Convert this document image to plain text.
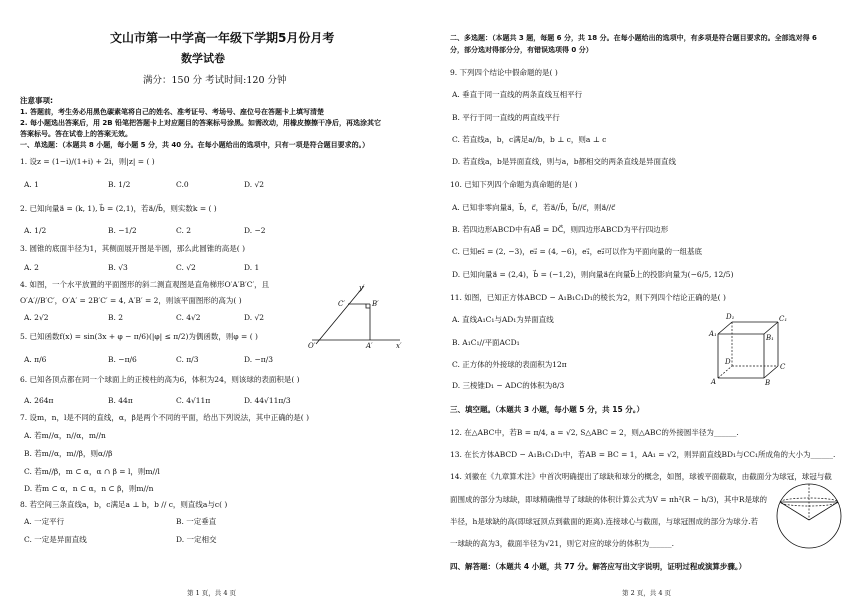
文山市第一中学高一年级下学期5月份月考
数学试卷
满分：150 分 考试时间:120 分钟
注意事项:
1. 答题前，考生务必用黑色碳素笔将自己的姓名、准考证号、考场号、座位号在答题卡上填写清楚
2. 每小题选出答案后，用 2B 铅笔把答题卡上对应题目的答案标号涂黑。如需改动，用橡皮擦擦干净后，再选涂其它
答案标号。答在试卷上的答案无效。
一、单选题：（本题共 8 小题，每小题 5 分，共 40 分。在每小题给出的选项中，只有一项是符合题目要求的。）
1. 设z = (1−i)/(1+i) + 2i，则|z| = ( )
A. 1	B. 1/2	C.0	D. √2
2. 已知向量a⃗ = (k, 1), b⃗ = (2,1)，若a⃗//b⃗，则实数k = ( )
A. 1/2	B. −1/2	C. 2	D. −2
3. 圆锥的底面半径为1，其侧面展开图是半圆，那么此圆锥的高是( )
A. 2	B. √3	C. √2	D. 1
4. 如图，一个水平放置的平面图形的斜二测直观图是直角梯形O′A′B′C′，且
O′A′//B′C′，O′A′ = 2B′C′ = 4, A′B′ = 2，则该平面图形的高为( )
A. 2√2	B. 2	C. 4√2	D. √2
y′
C′	B′
O′	A′	x′
5. 已知函数f(x) = sin(3x + φ − π/6)(|φ| ≤ π/2)为偶函数，则φ = ( )
A. π/6	B. −π/6	C. π/3	D. −π/3
6. 已知各顶点都在同一个球面上的正棱柱的高为6，体积为24，则该球的表面积是( )
A. 264π	B. 44π	C. 4√11π	D. 44√11π/3
7. 设m，n，l是不同的直线，α，β是两个不同的平面，给出下列说法，其中正确的是( )
A. 若m//α，n//α，m//n
B. 若m//α，m//β，则α//β
C. 若m//β，m ⊂ α，α ∩ β = l，则m//l
D. 若m ⊂ α，n ⊂ α，n ⊂ β，则m//n
8. 若空间三条直线a，b，c满足a ⊥ b，b // c，则直线a与c( )
A. 一定平行	B. 一定垂直
C. 一定是异面直线	D. 一定相交
第 1 页，共 4 页
二、多选题：（本题共 3 题，每题 6 分，共 18 分。在每小题给出的选项中，有多项是符合题目要求的。全部选对得 6
分，部分选对得部分分，有错误选项得 0 分）
9. 下列四个结论中假命题的是( )
A. 垂直于同一直线的两条直线互相平行
B. 平行于同一直线的两直线平行
C. 若直线a，b，c满足a//b，b ⊥ c，则a ⊥ c
D. 若直线a，b是异面直线，则与a，b都相交的两条直线是异面直线
10. 已知下列四个命题为真命题的是( )
A. 已知非零向量a⃗，b⃗，c⃗，若a⃗//b⃗，b⃗//c⃗，则a⃗//c⃗
B. 若四边形ABCD中有AB⃗ = DC⃗，则四边形ABCD为平行四边形
C. 已知e₁⃗ = (2, −3)，e₂⃗ = (4, −6)，e₁⃗，e₂⃗可以作为平面向量的一组基底
D. 已知向量a⃗ = (2,4)，b⃗ = (−1,2)，则向量a⃗在向量b⃗上的投影向量为(−6/5, 12/5)
11. 如图，已知正方体ABCD − A₁B₁C₁D₁的棱长为2，则下列四个结论正确的是( )
A. 直线A₁C₁与AD₁为异面直线
B. A₁C₁//平面ACD₁
C. 正方体的外接球的表面积为12π
D. 三棱锥D₁ − ADC的体积为8/3
D₁	C₁
A₁	B₁
D
C
A	B
三、填空题。（本题共 3 小题，每小题 5 分，共 15 分。）
12. 在△ABC中，若B = π/4, a = √2, S△ABC = 2，则△ABC的外接圆半径为______.
13. 在长方体ABCD − A₁B₁C₁D₁中，若AB = BC = 1，AA₁ = √2，则异面直线BD₁与CC₁所成角的大小为______.
14. 刘徽在《九章算术注》中首次明确提出了球缺和球分的概念，如图，球被平面截取，由截面分为球冠，球冠与截
面围成的部分为球缺，即球精确推导了球缺的体积计算公式为V = πh²(R − h/3)，其中R是球的
半径，h是球缺的高(即球冠顶点到截面的距离).连接球心与截面，与球冠围成的部分为球分.若
一球缺的高为3，截面半径为√21，则它对应的球分的体积为______.
四、解答题：（本题共 4 小题，共 77 分。解答应写出文字说明，证明过程或演算步骤。）
第 2 页，共 4 页
